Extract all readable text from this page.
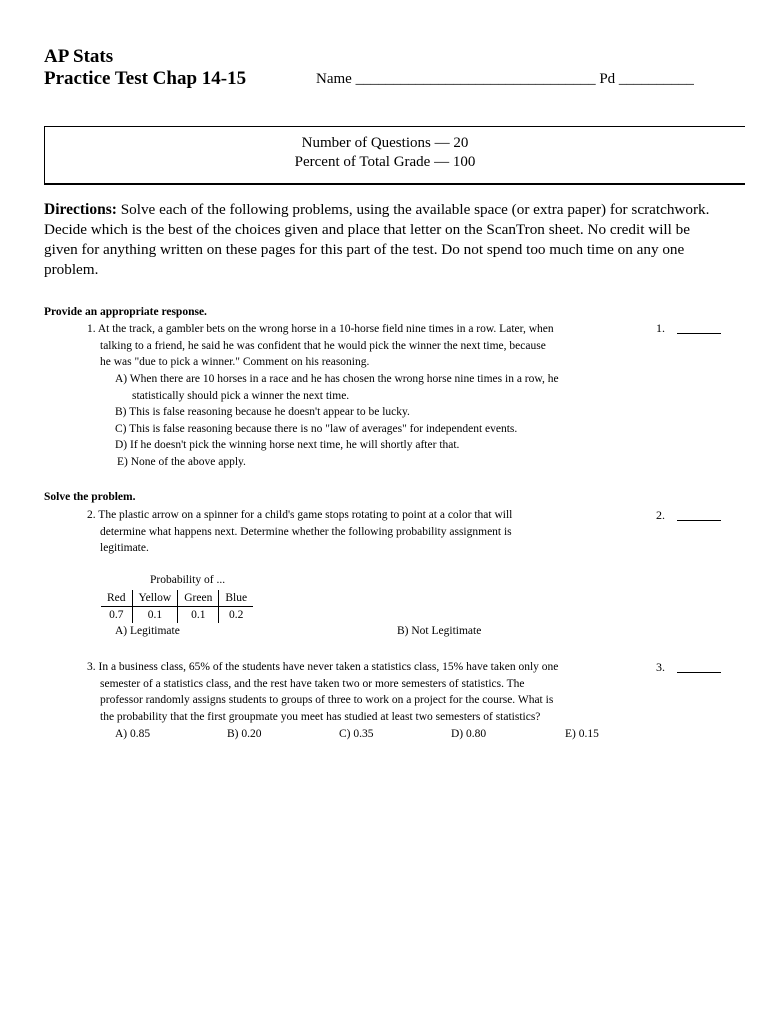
AP Stats
Practice Test Chap 14-15	Name ________________________________ Pd __________
Number of Questions — 20
Percent of Total Grade — 100
Directions: Solve each of the following problems, using the available space (or extra paper) for scratchwork. Decide which is the best of the choices given and place that letter on the ScanTron sheet. No credit will be given for anything written on these pages for this part of the test. Do not spend too much time on any one problem.
Provide an appropriate response.
1. At the track, a gambler bets on the wrong horse in a 10-horse field nine times in a row. Later, when
talking to a friend, he said he was confident that he would pick the winner the next time, because
he was "due to pick a winner." Comment on his reasoning.
A) When there are 10 horses in a race and he has chosen the wrong horse nine times in a row, he
statistically should pick a winner the next time.
B) This is false reasoning because he doesn't appear to be lucky.
C) This is false reasoning because there is no "law of averages" for independent events.
D) If he doesn't pick the winning horse next time, he will shortly after that.
E) None of the above apply.
1.
Solve the problem.
2. The plastic arrow on a spinner for a child's game stops rotating to point at a color that will
determine what happens next. Determine whether the following probability assignment is
legitimate.
2.
Probability of ...
Red	Yellow	Green	Blue
0.7	0.1	0.1	0.2
A) Legitimate	B) Not Legitimate
3. In a business class, 65% of the students have never taken a statistics class, 15% have taken only one
semester of a statistics class, and the rest have taken two or more semesters of statistics. The
professor randomly assigns students to groups of three to work on a project for the course. What is
the probability that the first groupmate you meet has studied at least two semesters of statistics?
3.
A) 0.85	B) 0.20	C) 0.35	D) 0.80	E) 0.15
